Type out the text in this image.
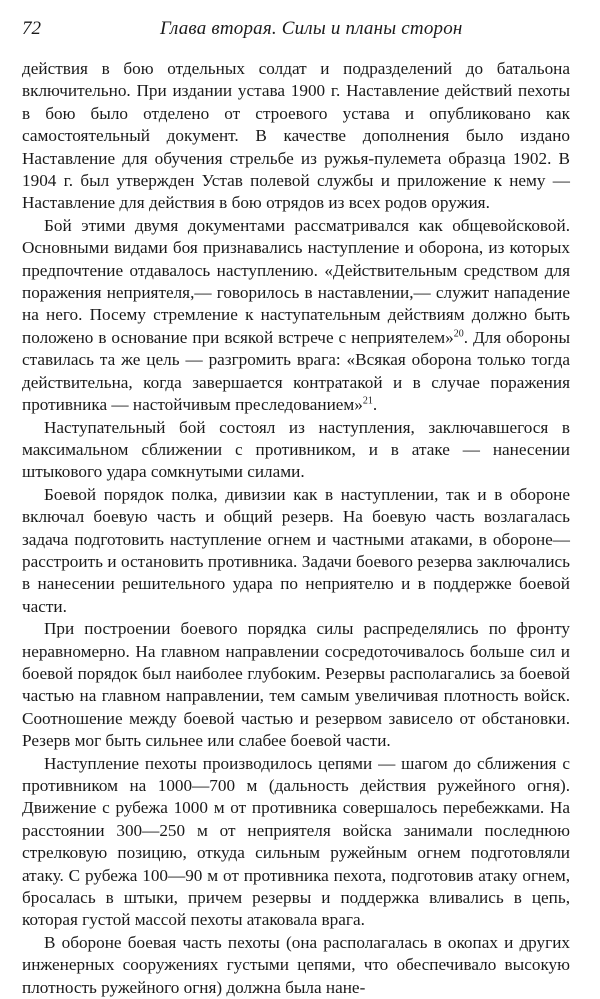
72	Глава вторая. Силы и планы сторон

действия в бою отдельных солдат и подразделений до батальона включительно. При издании устава 1900 г. Наставление действий пехоты в бою было отделено от строевого устава и опубликовано как самостоятельный документ. В качестве дополнения было издано Наставление для обучения стрельбе из ружья-пулемета образца 1902. В 1904 г. был утвержден Устав полевой службы и приложение к нему — Наставление для действия в бою отрядов из всех родов оружия.

Бой этими двумя документами рассматривался как общевойсковой. Основными видами боя признавались наступление и оборона, из которых предпочтение отдавалось наступлению. «Действительным средством для поражения неприятеля,— говорилось в наставлении,— служит нападение на него. Посему стремление к наступательным действиям должно быть положено в основание при всякой встрече с неприятелем»$^{20}$. Для обороны ставилась та же цель — разгромить врага: «Всякая оборона только тогда действительна, когда завершается контратакой и в случае поражения противника — настойчивым преследованием»$^{21}$.

Наступательный бой состоял из наступления, заключавшегося в максимальном сближении с противником, и в атаке — нанесении штыкового удара сомкнутыми силами.

Боевой порядок полка, дивизии как в наступлении, так и в обороне включал боевую часть и общий резерв. На боевую часть возлагалась задача подготовить наступление огнем и частными атаками, в обороне—расстроить и остановить противника. Задачи боевого резерва заключались в нанесении решительного удара по неприятелю и в поддержке боевой части.

При построении боевого порядка силы распределялись по фронту неравномерно. На главном направлении сосредоточивалось больше сил и боевой порядок был наиболее глубоким. Резервы располагались за боевой частью на главном направлении, тем самым увеличивая плотность войск. Соотношение между боевой частью и резервом зависело от обстановки. Резерв мог быть сильнее или слабее боевой части.

Наступление пехоты производилось цепями — шагом до сближения с противником на 1000—700 м (дальность действия ружейного огня). Движение с рубежа 1000 м от противника совершалось перебежками. На расстоянии 300—250 м от неприятеля войска занимали последнюю стрелковую позицию, откуда сильным ружейным огнем подготовляли атаку. С рубежа 100—90 м от противника пехота, подготовив атаку огнем, бросалась в штыки, причем резервы и поддержка вливались в цепь, которая густой массой пехоты атаковала врага.

В обороне боевая часть пехоты (она располагалась в окопах и других инженерных сооружениях густыми цепями, что обеспечивало высокую плотность ружейного огня) должна была нане-
